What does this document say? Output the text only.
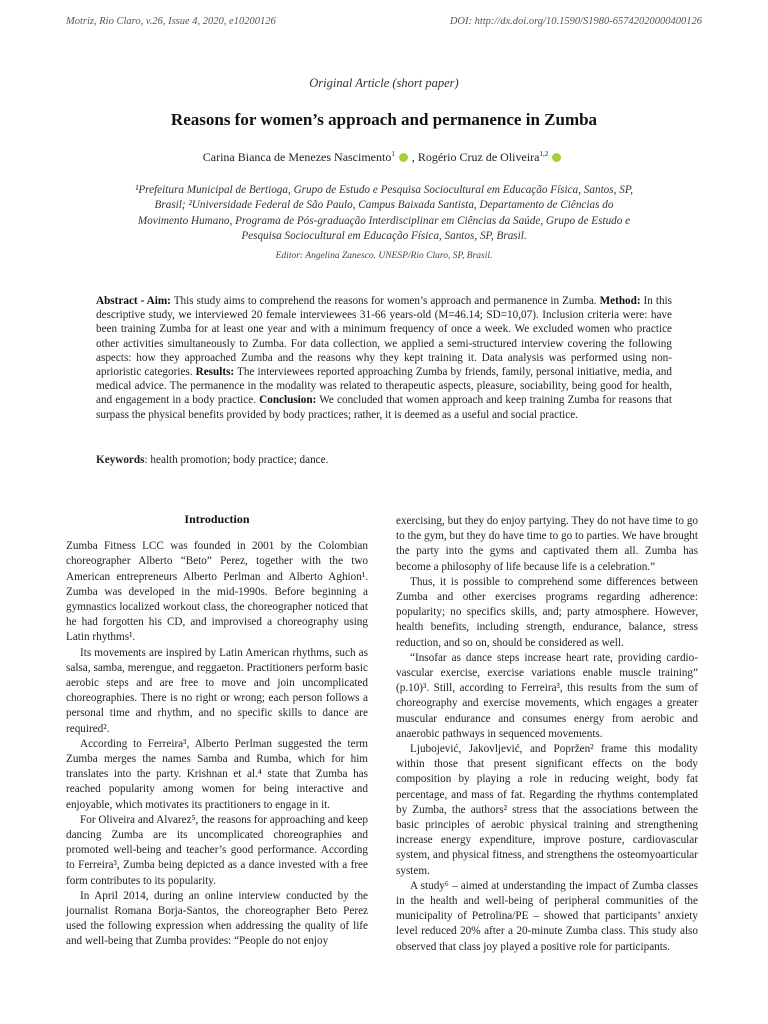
Motriz, Rio Claro, v.26, Issue 4, 2020, e10200126	DOI: http://dx.doi.org/10.1590/S1980-65742020000400126
Original Article (short paper)
Reasons for women’s approach and permanence in Zumba
Carina Bianca de Menezes Nascimento$^1$ , Rogério Cruz de Oliveira$^{1,2}$
¹Prefeitura Municipal de Bertioga, Grupo de Estudo e Pesquisa Sociocultural em Educação Física, Santos, SP, Brasil; ²Universidade Federal de São Paulo, Campus Baixada Santista, Departamento de Ciências do Movimento Humano, Programa de Pós-graduação Interdisciplinar em Ciências da Saúde, Grupo de Estudo e Pesquisa Sociocultural em Educação Física, Santos, SP, Brasil.
Editor: Angelina Zanesco. UNESP/Rio Claro, SP, Brasil.
Abstract - Aim: This study aims to comprehend the reasons for women’s approach and permanence in Zumba. Method: In this descriptive study, we interviewed 20 female interviewees 31-66 years-old (M=46.14; SD=10,07). Inclusion criteria were: have been training Zumba for at least one year and with a minimum frequency of once a week. We excluded women who practice other activities simultaneously to Zumba. For data collection, we applied a semi-structured interview covering the following aspects: how they approached Zumba and the reasons why they kept training it. Data analysis was performed using non-aprioristic categories. Results: The interviewees reported approaching Zumba by friends, family, personal initiative, media, and medical advice. The permanence in the modality was related to therapeutic aspects, pleasure, sociability, being good for health, and engagement in a body practice. Conclusion: We concluded that women approach and keep training Zumba for reasons that surpass the physical benefits provided by body practices; rather, it is deemed as a useful and social practice.
Keywords: health promotion; body practice; dance.
Introduction

Zumba Fitness LCC was founded in 2001 by the Colombian choreographer Alberto “Beto” Perez, together with the two American entrepreneurs Alberto Perlman and Alberto Aghion¹. Zumba was developed in the mid-1990s. Before beginning a gymnastics localized workout class, the choreographer noticed that he had forgotten his CD, and improvised a choreography using Latin rhythms¹.

Its movements are inspired by Latin American rhythms, such as salsa, samba, merengue, and reggaeton. Practitioners perform basic aerobic steps and are free to move and join uncomplicated choreographies. There is no right or wrong; each person follows a personal time and rhythm, and no specific skills to dance are required².

According to Ferreira³, Alberto Perlman suggested the term Zumba merges the names Samba and Rumba, which for him translates into the party. Krishnan et al.⁴ state that Zumba has reached popularity among women for being interactive and enjoyable, which motivates its practitioners to engage in it.

For Oliveira and Alvarez⁵, the reasons for approaching and keep dancing Zumba are its uncomplicated choreographies and promoted well-being and teacher’s good performance. According to Ferreira³, Zumba being depicted as a dance invested with a free form contributes to its popularity.

In April 2014, during an online interview conducted by the journalist Romana Borja-Santos, the choreographer Beto Perez used the following expression when addressing the quality of life and well-being that Zumba provides: “People do not enjoy

exercising, but they do enjoy partying. They do not have time to go to the gym, but they do have time to go to parties. We have brought the party into the gyms and captivated them all. Zumba has become a philosophy of life because life is a celebration.”

Thus, it is possible to comprehend some differences between Zumba and other exercises programs regarding adherence: popularity; no specifics skills, and; party atmosphere. However, health benefits, including strength, endurance, balance, stress reduction, and so on, should be considered as well.

“Insofar as dance steps increase heart rate, providing cardio-vascular exercise, exercise variations enable muscle training” (p.10)³. Still, according to Ferreira³, this results from the sum of choreography and exercise movements, which engages a greater muscular endurance and consumes energy from aerobic and anaerobic pathways in sequenced movements.

Ljubojević, Jakovljević, and Popržen² frame this modality within those that present significant effects on the body composition by playing a role in reducing weight, body fat percentage, and mass of fat. Regarding the rhythms contemplated by Zumba, the authors² stress that the associations between the basic principles of aerobic physical training and strengthening increase energy expenditure, improve posture, cardiovascular system, and physical fitness, and strengthens the osteomyoarticular system.

A study⁶ – aimed at understanding the impact of Zumba classes in the health and well-being of peripheral communities of the municipality of Petrolina/PE – showed that participants’ anxiety level reduced 20% after a 20-minute Zumba class. This study also observed that class joy played a positive role for participants.
